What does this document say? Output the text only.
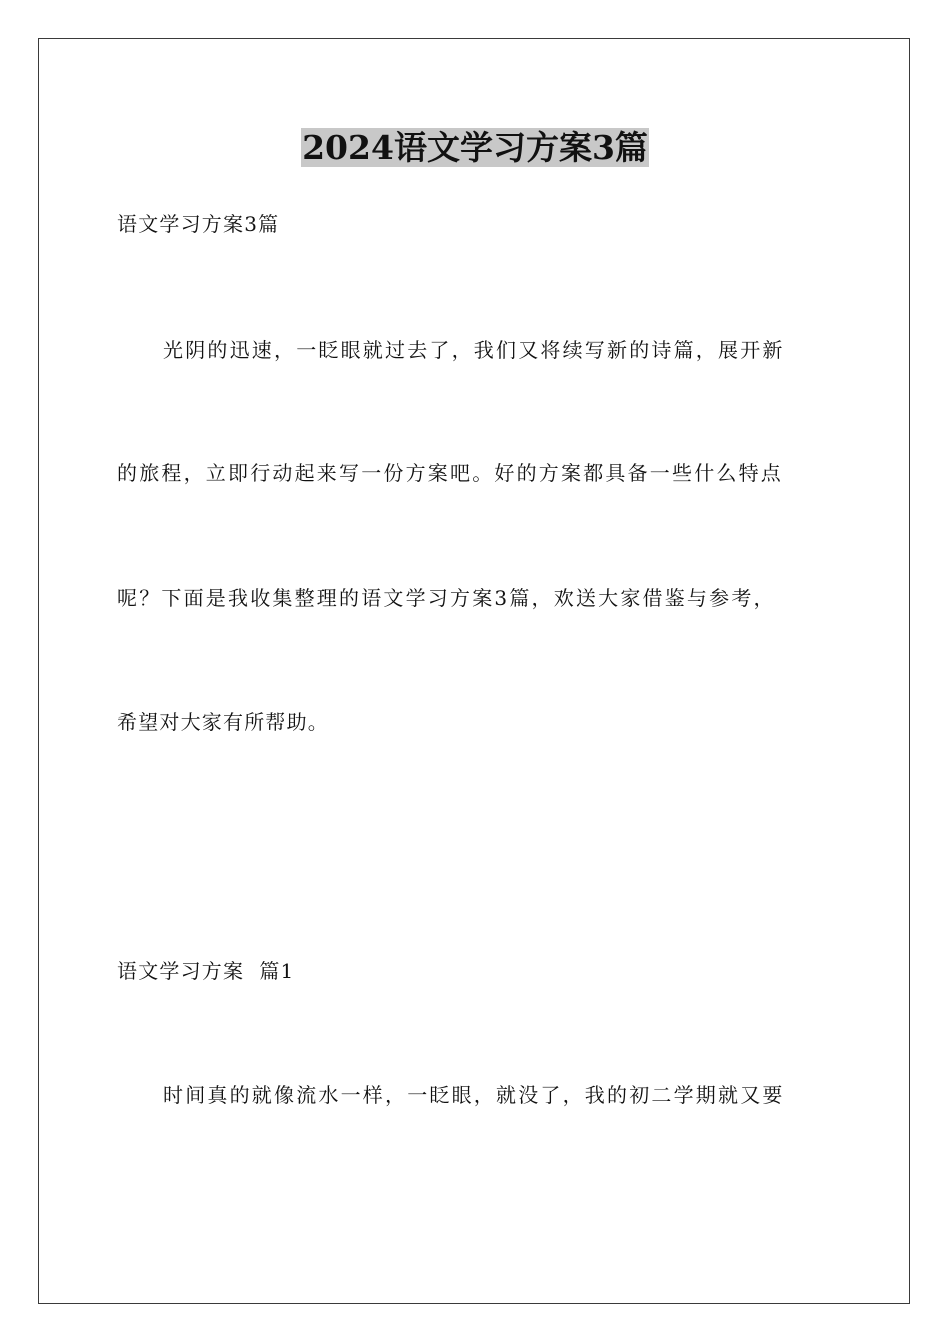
2024语文学习方案3篇
语文学习方案3篇
光阴的迅速，一眨眼就过去了，我们又将续写新的诗篇，展开新
的旅程，立即行动起来写一份方案吧。好的方案都具备一些什么特点
呢？下面是我收集整理的语文学习方案3篇，欢送大家借鉴与参考，
希望对大家有所帮助。
语文学习方案  篇1
时间真的就像流水一样，一眨眼，就没了，我的初二学期就又要
